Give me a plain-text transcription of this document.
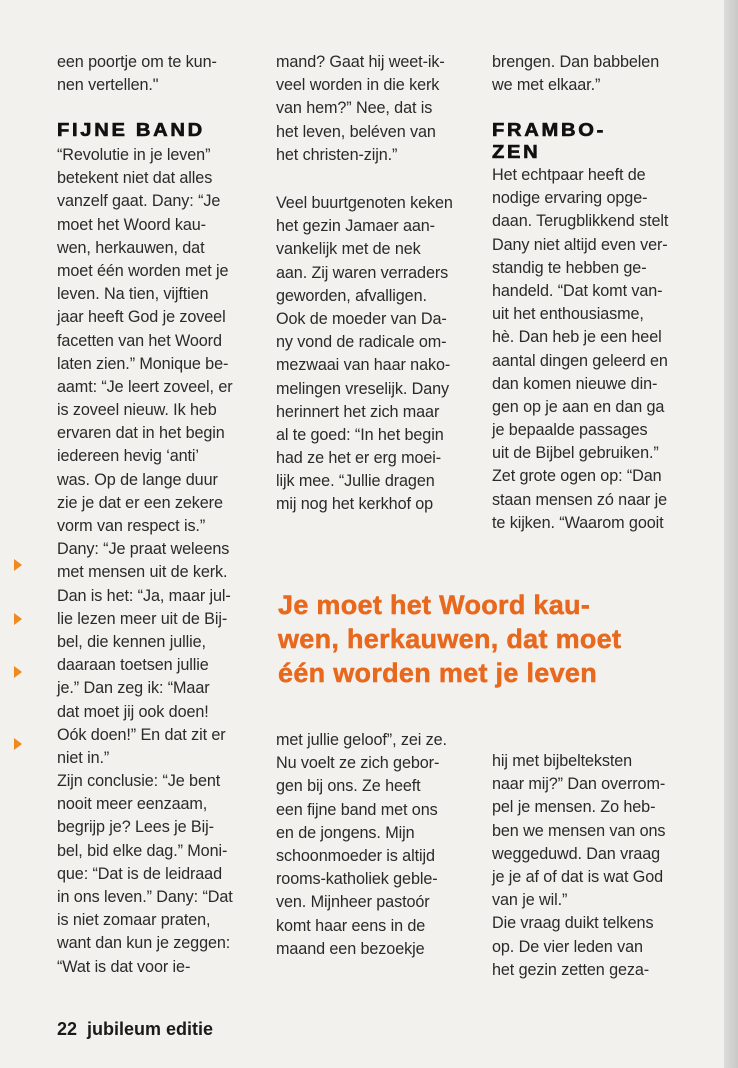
een poortje om te kun-
nen vertellen."
FIJNE BAND
“Revolutie in je leven”
betekent niet dat alles
vanzelf gaat. Dany: “Je
moet het Woord kau-
wen, herkauwen, dat
moet één worden met je
leven. Na tien, vijftien
jaar heeft God je zoveel
facetten van het Woord
laten zien.” Monique be-
aamt: “Je leert zoveel, er
is zoveel nieuw. Ik heb
ervaren dat in het begin
iedereen hevig ‘anti’
was. Op de lange duur
zie je dat er een zekere
vorm van respect is.”
Dany: “Je praat weleens
met mensen uit de kerk.
Dan is het: “Ja, maar jul-
lie lezen meer uit de Bij-
bel, die kennen jullie,
daaraan toetsen jullie
je.” Dan zeg ik: “Maar
dat moet jij ook doen!
Oók doen!” En dat zit er
niet in.”
Zijn conclusie: “Je bent
nooit meer eenzaam,
begrijp je? Lees je Bij-
bel, bid elke dag.” Moni-
que: “Dat is de leidraad
in ons leven.” Dany: “Dat
is niet zomaar praten,
want dan kun je zeggen:
“Wat is dat voor ie-
mand? Gaat hij weet-ik-
veel worden in die kerk
van hem?” Nee, dat is
het leven, beléven van
het christen-zijn.”
Veel buurtgenoten keken
het gezin Jamaer aan-
vankelijk met de nek
aan. Zij waren verraders
geworden, afvalligen.
Ook de moeder van Da-
ny vond de radicale om-
mezwaai van haar nako-
melingen vreselijk. Dany
herinnert het zich maar
al te goed: “In het begin
had ze het er erg moei-
lijk mee. “Jullie dragen
mij nog het kerkhof op
met jullie geloof”, zei ze.
Nu voelt ze zich gebor-
gen bij ons. Ze heeft
een fijne band met ons
en de jongens. Mijn
schoonmoeder is altijd
rooms-katholiek geble-
ven. Mijnheer pastoór
komt haar eens in de
maand een bezoekje
brengen. Dan babbelen
we met elkaar.”
FRAMBO-
ZEN
Het echtpaar heeft de
nodige ervaring opge-
daan. Terugblikkend stelt
Dany niet altijd even ver-
standig te hebben ge-
handeld. “Dat komt van-
uit het enthousiasme,
hè. Dan heb je een heel
aantal dingen geleerd en
dan komen nieuwe din-
gen op je aan en dan ga
je bepaalde passages
uit de Bijbel gebruiken.”
Zet grote ogen op: “Dan
staan mensen zó naar je
te kijken. “Waarom gooit
hij met bijbelteksten
naar mij?” Dan overrom-
pel je mensen. Zo heb-
ben we mensen van ons
weggeduwd. Dan vraag
je je af of dat is wat God
van je wil.”
Die vraag duikt telkens
op. De vier leden van
het gezin zetten geza-
Je moet het Woord kau-
wen, herkauwen, dat moet
één worden met je leven
22  jubileum editie
